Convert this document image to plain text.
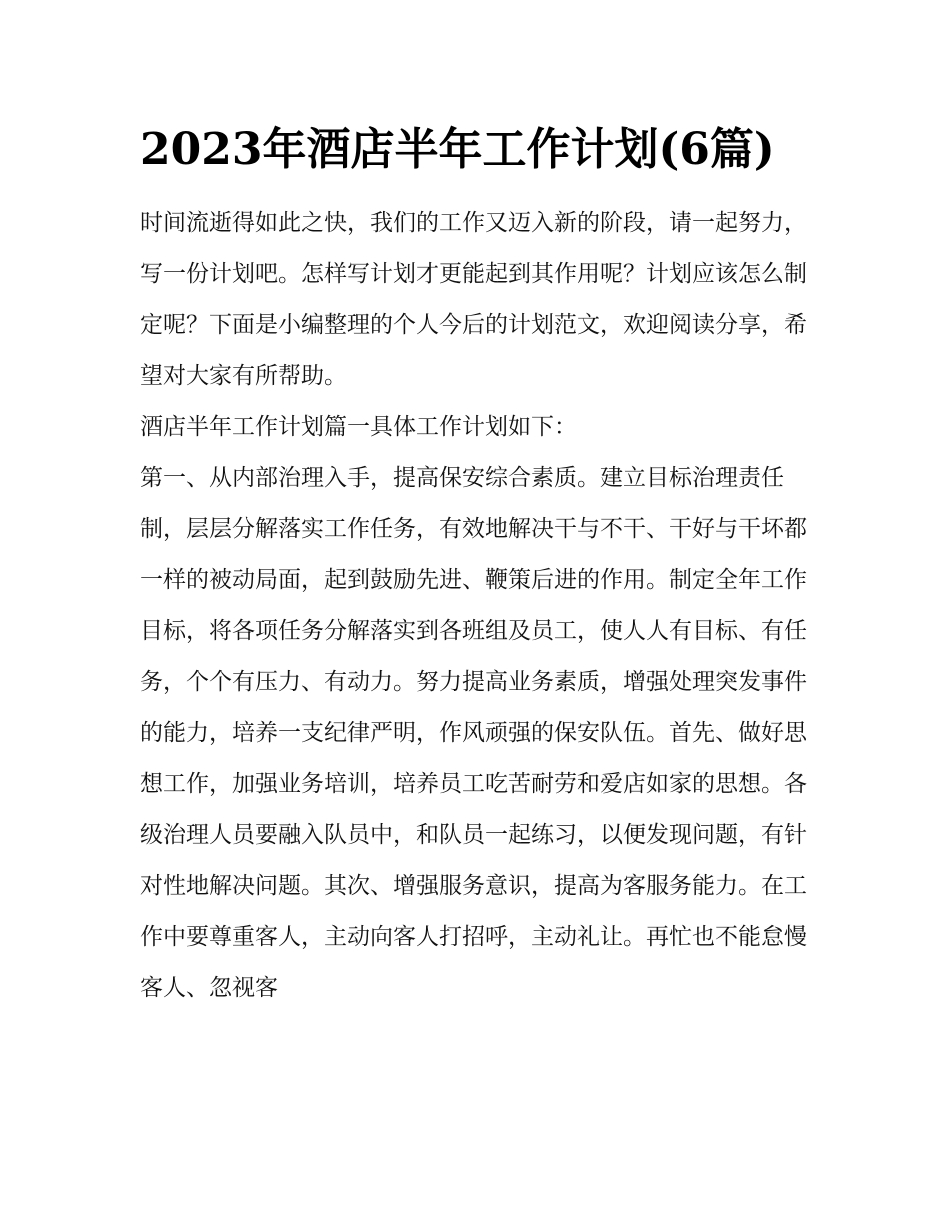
2023年酒店半年工作计划(6篇)

时间流逝得如此之快，我们的工作又迈入新的阶段，请一起努力，写一份计划吧。怎样写计划才更能起到其作用呢？计划应该怎么制定呢？下面是小编整理的个人今后的计划范文，欢迎阅读分享，希望对大家有所帮助。

酒店半年工作计划篇一具体工作计划如下：

第一、从内部治理入手，提高保安综合素质。建立目标治理责任制，层层分解落实工作任务，有效地解决干与不干、干好与干坏都一样的被动局面，起到鼓励先进、鞭策后进的作用。制定全年工作目标，将各项任务分解落实到各班组及员工，使人人有目标、有任务，个个有压力、有动力。努力提高业务素质，增强处理突发事件的能力，培养一支纪律严明，作风顽强的保安队伍。首先、做好思想工作，加强业务培训，培养员工吃苦耐劳和爱店如家的思想。各级治理人员要融入队员中，和队员一起练习，以便发现问题，有针对性地解决问题。其次、增强服务意识，提高为客服务能力。在工作中要尊重客人，主动向客人打招呼，主动礼让。再忙也不能怠慢客人、忽视客
